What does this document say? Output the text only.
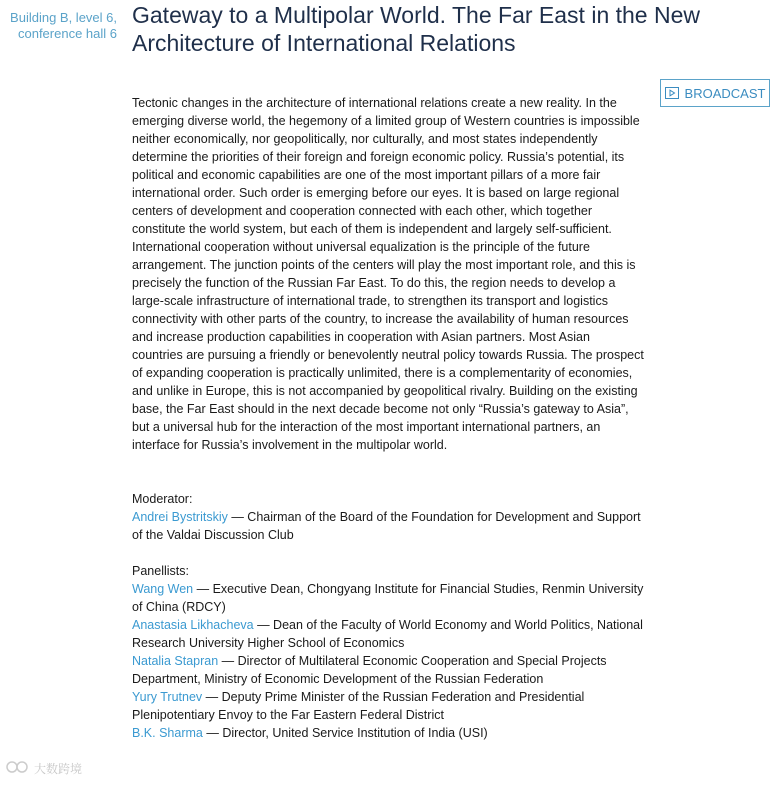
Building B, level 6,
conference hall 6
Gateway to a Multipolar World. The Far East in the New Architecture of International Relations
BROADCAST

Tectonic changes in the architecture of international relations create a new reality. In the emerging diverse world, the hegemony of a limited group of Western countries is impossible neither economically, nor geopolitically, nor culturally, and most states independently determine the priorities of their foreign and foreign economic policy. Russia’s potential, its political and economic capabilities are one of the most important pillars of a more fair international order. Such order is emerging before our eyes. It is based on large regional centers of development and cooperation connected with each other, which together constitute the world system, but each of them is independent and largely self-sufficient. International cooperation without universal equalization is the principle of the future arrangement. The junction points of the centers will play the most important role, and this is precisely the function of the Russian Far East. To do this, the region needs to develop a large-scale infrastructure of international trade, to strengthen its transport and logistics connectivity with other parts of the country, to increase the availability of human resources and increase production capabilities in cooperation with Asian partners. Most Asian countries are pursuing a friendly or benevolently neutral policy towards Russia. The prospect of expanding cooperation is practically unlimited, there is a complementarity of economies, and unlike in Europe, this is not accompanied by geopolitical rivalry. Building on the existing base, the Far East should in the next decade become not only “Russia’s gateway to Asia”, but a universal hub for the interaction of the most important international partners, an interface for Russia’s involvement in the multipolar world.

Moderator:
Andrei Bystritskiy — Chairman of the Board of the Foundation for Development and Support of the Valdai Discussion Club
Panellists:
Wang Wen — Executive Dean, Chongyang Institute for Financial Studies, Renmin University of China (RDCY)
Anastasia Likhacheva — Dean of the Faculty of World Economy and World Politics, National Research University Higher School of Economics
Natalia Stapran — Director of Multilateral Economic Cooperation and Special Projects Department, Ministry of Economic Development of the Russian Federation
Yury Trutnev — Deputy Prime Minister of the Russian Federation and Presidential Plenipotentiary Envoy to the Far Eastern Federal District
B.K. Sharma — Director, United Service Institution of India (USI)
大数跨境
